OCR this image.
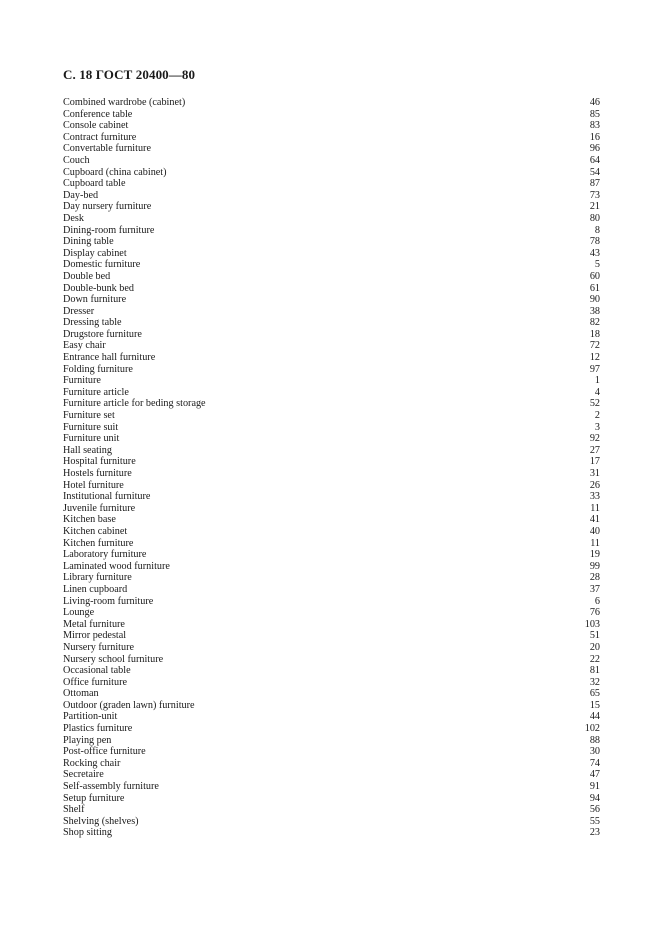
С. 18 ГОСТ 20400—80
Combined wardrobe (cabinet)	46
Conference table	85
Console cabinet	83
Contract furniture	16
Convertable furniture	96
Couch	64
Cupboard (china cabinet)	54
Cupboard table	87
Day-bed	73
Day nursery furniture	21
Desk	80
Dining-room furniture	8
Dining table	78
Display cabinet	43
Domestic furniture	5
Double bed	60
Double-bunk bed	61
Down furniture	90
Dresser	38
Dressing table	82
Drugstore furniture	18
Easy chair	72
Entrance hall furniture	12
Folding furniture	97
Furniture	1
Furniture article	4
Furniture article for beding storage	52
Furniture set	2
Furniture suit	3
Furniture unit	92
Hall seating	27
Hospital furniture	17
Hostels furniture	31
Hotel furniture	26
Institutional furniture	33
Juvenile furniture	11
Kitchen base	41
Kitchen cabinet	40
Kitchen furniture	11
Laboratory furniture	19
Laminated wood furniture	99
Library furniture	28
Linen cupboard	37
Living-room furniture	6
Lounge	76
Metal furniture	103
Mirror pedestal	51
Nursery furniture	20
Nursery school furniture	22
Occasional table	81
Office furniture	32
Ottoman	65
Outdoor (graden lawn) furniture	15
Partition-unit	44
Plastics furniture	102
Playing pen	88
Post-office furniture	30
Rocking chair	74
Secretaire	47
Self-assembly furniture	91
Setup furniture	94
Shelf	56
Shelving (shelves)	55
Shop sitting	23
